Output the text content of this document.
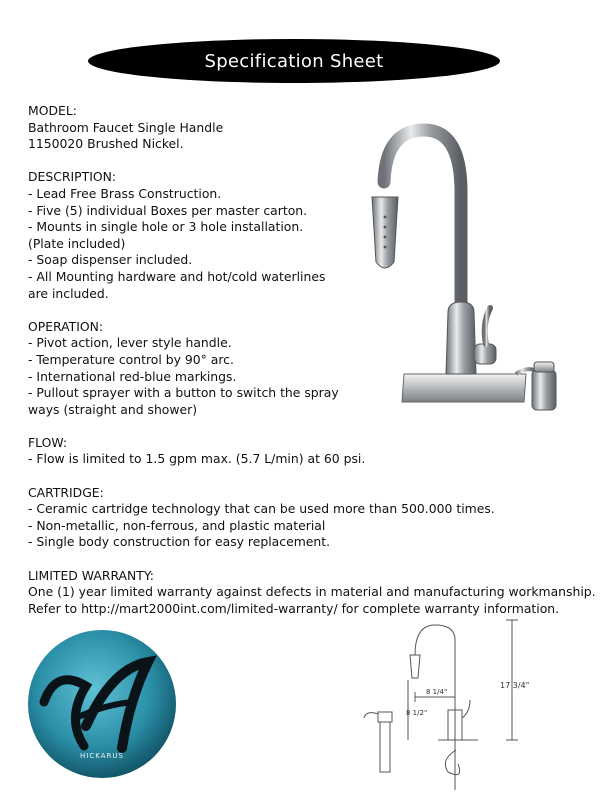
Specification Sheet
MODEL:
Bathroom Faucet Single Handle
1150020 Brushed Nickel.
DESCRIPTION:
- Lead Free Brass Construction.
- Five (5) individual Boxes per master carton.
- Mounts in single hole or 3 hole installation.
(Plate included)
- Soap dispenser included.
- All Mounting hardware and hot/cold waterlines
are included.
OPERATION:
- Pivot action, lever style handle.
- Temperature control by 90° arc.
- International red-blue markings.
- Pullout sprayer with a button to switch the spray
ways (straight and shower)
FLOW:
- Flow is limited to 1.5 gpm max. (5.7 L/min) at 60 psi.
CARTRIDGE:
- Ceramic cartridge technology that can be used more than 500.000 times.
- Non-metallic, non-ferrous, and plastic material
- Single body construction for easy replacement.
LIMITED WARRANTY:
One (1) year limited warranty against defects in material and manufacturing workmanship.
Refer to http://mart2000int.com/limited-warranty/ for complete warranty information.
HICKARUS
17 3/4"
8 1/4"
8 1/2"
